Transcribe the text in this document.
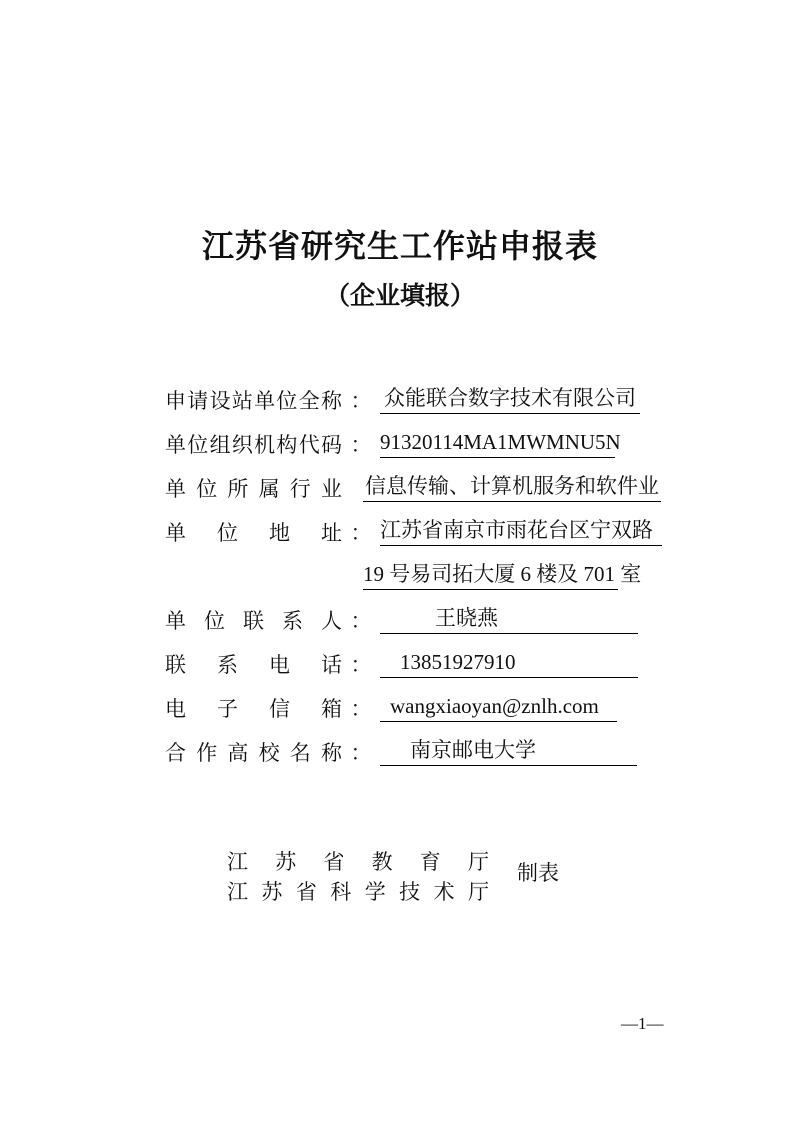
江苏省研究生工作站申报表
（企业填报）
申请设站单位全称 ： 众能联合数字技术有限公司
单位组织机构代码 ： 91320114MA1MWMNU5N
单位所属行业 信息传输、计算机服务和软件业
单位地址 ： 江苏省南京市雨花台区宁双路
19 号易司拓大厦 6 楼及 701 室
单位联系人 ：	王晓燕
联系电话 ：	13851927910
电子信箱 ： wangxiaoyan@znlh.com
合作高校名称 ：	南京邮电大学
江苏省教育厅
江苏省科学技术厅
制表
—1—
